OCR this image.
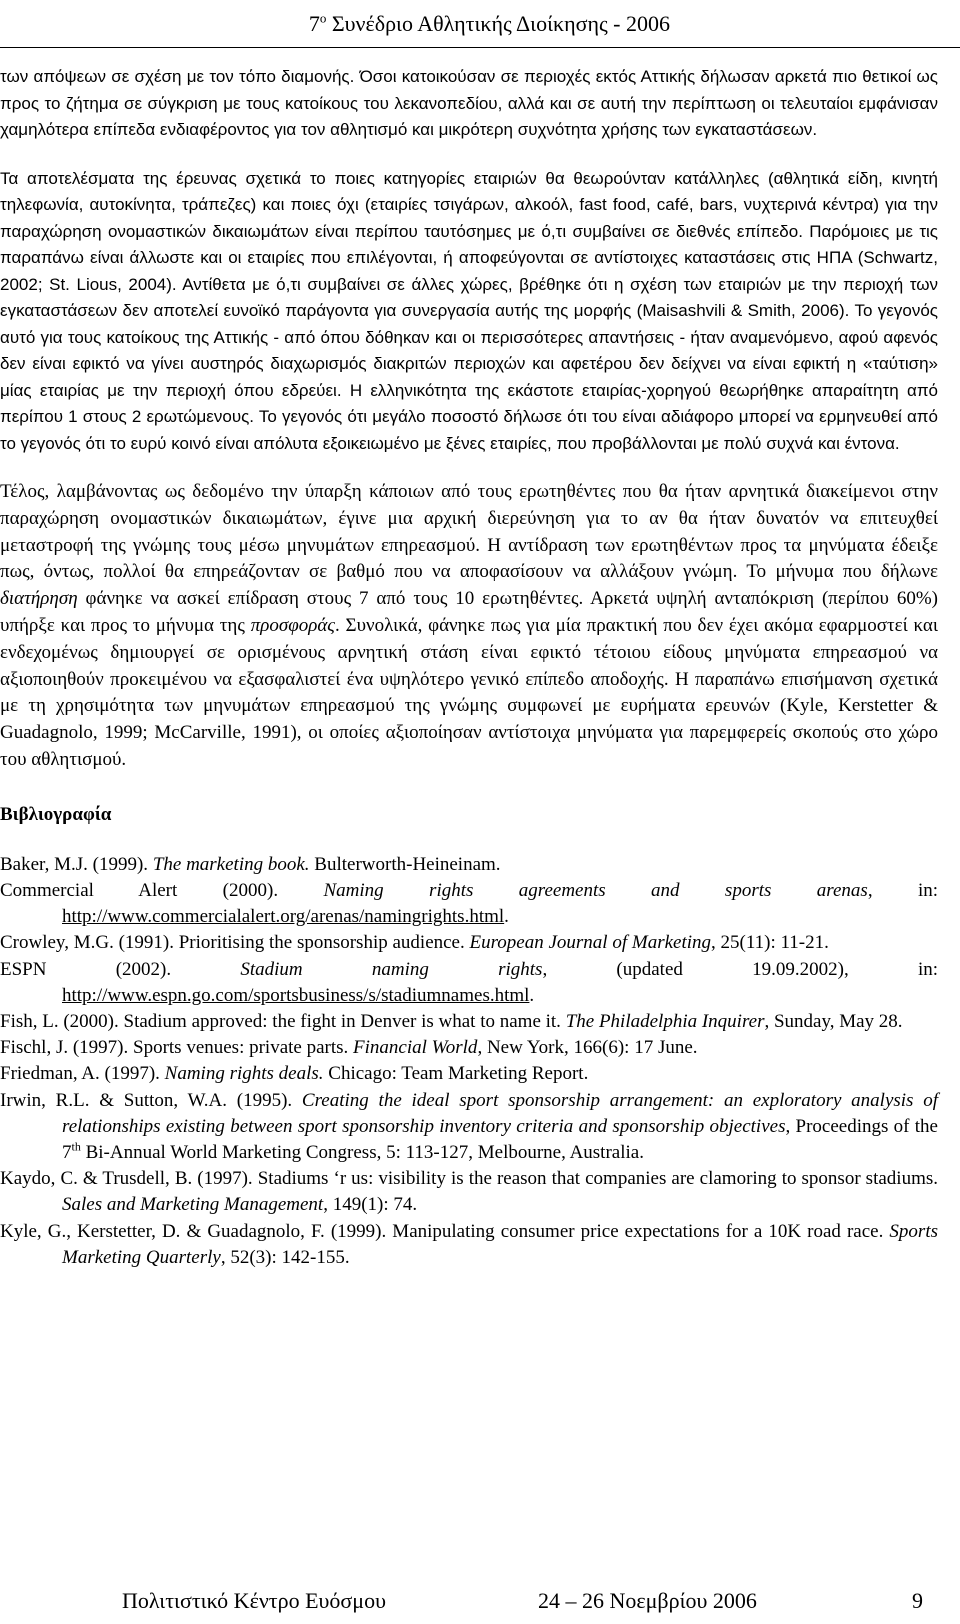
$7^o$ Συνέδριο Αθλητικής Διοίκησης - 2006

των απόψεων σε σχέση με τον τόπο διαμονής. Όσοι κατοικούσαν σε περιοχές εκτός Αττικής δήλωσαν αρκετά πιο θετικοί ως προς το ζήτημα σε σύγκριση με τους κατοίκους του λεκανοπεδίου, αλλά και σε αυτή την περίπτωση οι τελευταίοι εμφάνισαν χαμηλότερα επίπεδα ενδιαφέροντος για τον αθλητισμό και μικρότερη συχνότητα χρήσης των εγκαταστάσεων.

Τα αποτελέσματα της έρευνας σχετικά το ποιες κατηγορίες εταιριών θα θεωρούνταν κατάλληλες (αθλητικά είδη, κινητή τηλεφωνία, αυτοκίνητα, τράπεζες) και ποιες όχι (εταιρίες τσιγάρων, αλκοόλ, fast food, café, bars, νυχτερινά κέντρα) για την παραχώρηση ονομαστικών δικαιωμάτων είναι περίπου ταυτόσημες με ό,τι συμβαίνει σε διεθνές επίπεδο. Παρόμοιες με τις παραπάνω είναι άλλωστε και οι εταιρίες που επιλέγονται, ή αποφεύγονται σε αντίστοιχες καταστάσεις στις ΗΠΑ (Schwartz, 2002; St. Lious, 2004). Αντίθετα με ό,τι συμβαίνει σε άλλες χώρες, βρέθηκε ότι η σχέση των εταιριών με την περιοχή των εγκαταστάσεων δεν αποτελεί ευνοϊκό παράγοντα για συνεργασία αυτής της μορφής (Maisashvili & Smith, 2006). Το γεγονός αυτό για τους κατοίκους της Αττικής - από όπου δόθηκαν και οι περισσότερες απαντήσεις - ήταν αναμενόμενο, αφού αφενός δεν είναι εφικτό να γίνει αυστηρός διαχωρισμός διακριτών περιοχών και αφετέρου δεν δείχνει να είναι εφικτή η «ταύτιση» μίας εταιρίας με την περιοχή όπου εδρεύει. Η ελληνικότητα της εκάστοτε εταιρίας-χορηγού θεωρήθηκε απαραίτητη από περίπου 1 στους 2 ερωτώμενους. Το γεγονός ότι μεγάλο ποσοστό δήλωσε ότι του είναι αδιάφορο μπορεί να ερμηνευθεί από το γεγονός ότι το ευρύ κοινό είναι απόλυτα εξοικειωμένο με ξένες εταιρίες, που προβάλλονται με πολύ συχνά και έντονα.

Τέλος, λαμβάνοντας ως δεδομένο την ύπαρξη κάποιων από τους ερωτηθέντες που θα ήταν αρνητικά διακείμενοι στην παραχώρηση ονομαστικών δικαιωμάτων, έγινε μια αρχική διερεύνηση για το αν θα ήταν δυνατόν να επιτευχθεί μεταστροφή της γνώμης τους μέσω μηνυμάτων επηρεασμού. Η αντίδραση των ερωτηθέντων προς τα μηνύματα έδειξε πως, όντως, πολλοί θα επηρεάζονταν σε βαθμό που να αποφασίσουν να αλλάξουν γνώμη. Το μήνυμα που δήλωνε διατήρηση φάνηκε να ασκεί επίδραση στους 7 από τους 10 ερωτηθέντες. Αρκετά υψηλή ανταπόκριση (περίπου 60%) υπήρξε και προς το μήνυμα της προσφοράς. Συνολικά, φάνηκε πως για μία πρακτική που δεν έχει ακόμα εφαρμοστεί και ενδεχομένως δημιουργεί σε ορισμένους αρνητική στάση είναι εφικτό τέτοιου είδους μηνύματα επηρεασμού να αξιοποιηθούν προκειμένου να εξασφαλιστεί ένα υψηλότερο γενικό επίπεδο αποδοχής. Η παραπάνω επισήμανση σχετικά με τη χρησιμότητα των μηνυμάτων επηρεασμού της γνώμης συμφωνεί με ευρήματα ερευνών (Kyle, Kerstetter & Guadagnolo, 1999; McCarville, 1991), οι οποίες αξιοποίησαν αντίστοιχα μηνύματα για παρεμφερείς σκοπούς στο χώρο του αθλητισμού.

Βιβλιογραφία
Baker, M.J. (1999). The marketing book. Bulterworth-Heineinam.
Commercial Alert (2000). Naming rights agreements and sports arenas, in: http://www.commercialalert.org/arenas/namingrights.html.
Crowley, M.G. (1991). Prioritising the sponsorship audience. European Journal of Marketing, 25(11): 11-21.
ESPN (2002). Stadium naming rights, (updated 19.09.2002), in: http://www.espn.go.com/sportsbusiness/s/stadiumnames.html.
Fish, L. (2000). Stadium approved: the fight in Denver is what to name it. The Philadelphia Inquirer, Sunday, May 28.
Fischl, J. (1997). Sports venues: private parts. Financial World, New York, 166(6): 17 June.
Friedman, A. (1997). Naming rights deals. Chicago: Team Marketing Report.
Irwin, R.L. & Sutton, W.A. (1995). Creating the ideal sport sponsorship arrangement: an exploratory analysis of relationships existing between sport sponsorship inventory criteria and sponsorship objectives, Proceedings of the 7th Bi-Annual World Marketing Congress, 5: 113-127, Melbourne, Australia.
Kaydo, C. & Trusdell, B. (1997). Stadiums ‘r us: visibility is the reason that companies are clamoring to sponsor stadiums. Sales and Marketing Management, 149(1): 74.
Kyle, G., Kerstetter, D. & Guadagnolo, F. (1999). Manipulating consumer price expectations for a 10K road race. Sports Marketing Quarterly, 52(3): 142-155.
Πολιτιστικό Κέντρο Ευόσμου	24 – 26 Νοεμβρίου 2006	9
